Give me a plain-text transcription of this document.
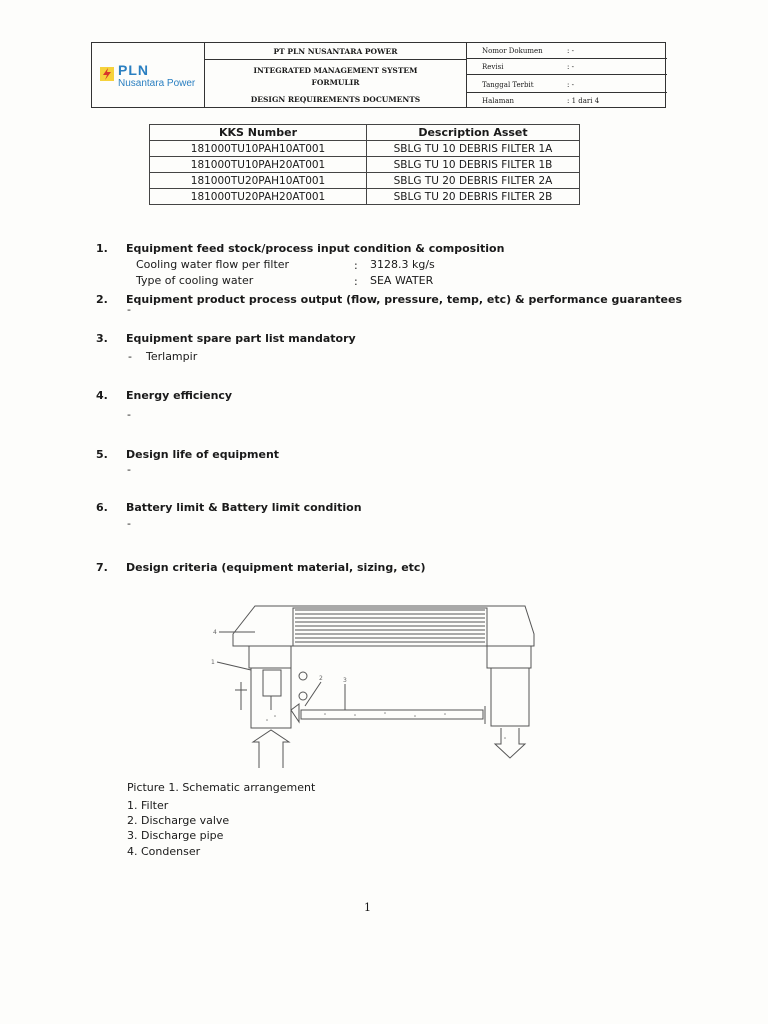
PLN
Nusantara Power
PT PLN NUSANTARA POWER
INTEGRATED MANAGEMENT SYSTEM
FORMULIR
DESIGN REQUIREMENTS DOCUMENTS
Nomor Dokumen	: -
Revisi	: -
Tanggal Terbit	: -
Halaman	: 1 dari 4
KKS Number	Description Asset
181000TU10PAH10AT001	SBLG TU 10 DEBRIS FILTER 1A
181000TU10PAH20AT001	SBLG TU 10 DEBRIS FILTER 1B
181000TU20PAH10AT001	SBLG TU 20 DEBRIS FILTER 2A
181000TU20PAH20AT001	SBLG TU 20 DEBRIS FILTER 2B
1. Equipment feed stock/process input condition & composition
Cooling water flow per filter	: 3128.3 kg/s
Type of cooling water	: SEA WATER
2. Equipment product process output (flow, pressure, temp, etc) & performance guarantees
-
3. Equipment spare part list mandatory
- Terlampir
4. Energy efficiency
-
5. Design life of equipment
-
6. Battery limit & Battery limit condition
-
7. Design criteria (equipment material, sizing, etc)
4
1
2	3
Picture 1. Schematic arrangement
1. Filter
2. Discharge valve
3. Discharge pipe
4. Condenser
1
